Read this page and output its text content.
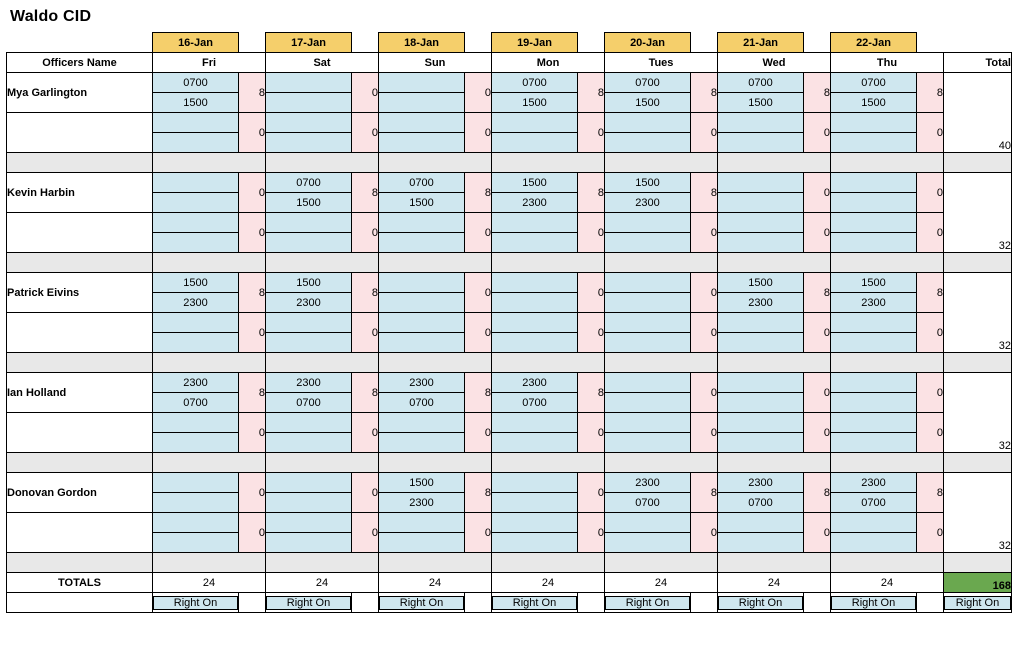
Waldo CID
	16-Jan		17-Jan		18-Jan		19-Jan		20-Jan		21-Jan		22-Jan		
Officers Name	Fri		Sat		Sun		Mon		Tues		Wed		Thu		Total
Mya Garlington	0700	8		0		0	0700	8	0700	8	0700	8	0700	8	40
	1500						1500		1500		1500		1500		
		0		0		0		0		0		0		0	

Kevin Harbin		0	0700	8	0700	8	1500	8	1500	8		0		0	32
			1500		1500		2300		2300						
		0		0		0		0		0		0		0	

Patrick Eivins	1500	8	1500	8		0		0		0	1500	8	1500	8	32
	2300		2300								2300		2300		
		0		0		0		0		0		0		0	

Ian Holland	2300	8	2300	8	2300	8	2300	8		0		0		0	32
	0700		0700		0700		0700								
		0		0		0		0		0		0		0	

Donovan Gordon		0		0	1500	8		0	2300	8	2300	8	2300	8	32
					2300				0700		0700		0700		
		0		0		0		0		0		0		0	

TOTALS	24		24		24		24		24		24		24		168

	Right On		Right On		Right On		Right On		Right On		Right On		Right On		Right On
